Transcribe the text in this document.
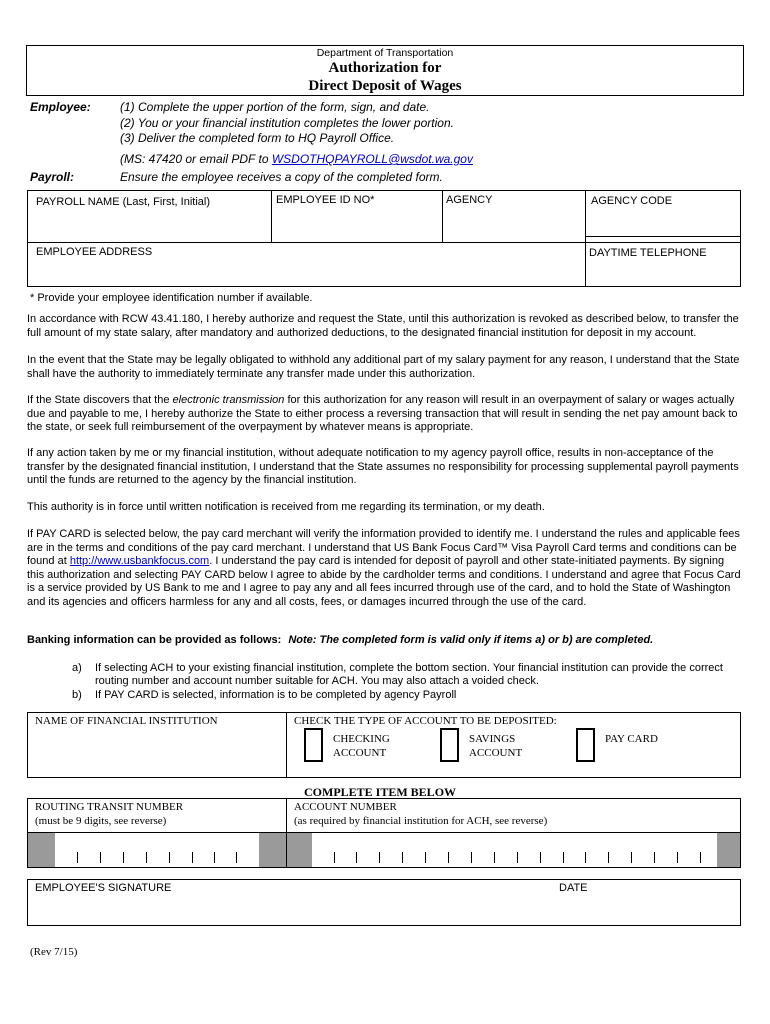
Department of Transportation
Authorization for
Direct Deposit of Wages
Employee: (1) Complete the upper portion of the form, sign, and date.
(2) You or your financial institution completes the lower portion.
(3) Deliver the completed form to HQ Payroll Office.
(MS: 47420 or email PDF to WSDOTHQPAYROLL@wsdot.wa.gov
Payroll:	Ensure the employee receives a copy of the completed form.
PAYROLL NAME (Last, First, Initial)	EMPLOYEE ID NO*	AGENCY	AGENCY CODE
EMPLOYEE ADDRESS	DAYTIME TELEPHONE
* Provide your employee identification number if available.

In accordance with RCW 43.41.180, I hereby authorize and request the State, until this authorization is revoked as described below, to transfer the full amount of my state salary, after mandatory and authorized deductions, to the designated financial institution for deposit in my account.

In the event that the State may be legally obligated to withhold any additional part of my salary payment for any reason, I understand that the State shall have the authority to immediately terminate any transfer made under this authorization.

If the State discovers that the electronic transmission for this authorization for any reason will result in an overpayment of salary or wages actually due and payable to me, I hereby authorize the State to either process a reversing transaction that will result in sending the net pay amount back to the state, or seek full reimbursement of the overpayment by whatever means is appropriate.

If any action taken by me or my financial institution, without adequate notification to my agency payroll office, results in non-acceptance of the transfer by the designated financial institution, I understand that the State assumes no responsibility for processing supplemental payroll payments until the funds are returned to the agency by the financial institution.

This authority is in force until written notification is received from me regarding its termination, or my death.

If PAY CARD is selected below, the pay card merchant will verify the information provided to identify me. I understand the rules and applicable fees are in the terms and conditions of the pay card merchant. I understand that US Bank Focus Card™ Visa Payroll Card terms and conditions can be found at http://www.usbankfocus.com. I understand the pay card is intended for deposit of payroll and other state-initiated payments. By signing this authorization and selecting PAY CARD below I agree to abide by the cardholder terms and conditions. I understand and agree that Focus Card is a service provided by US Bank to me and I agree to pay any and all fees incurred through use of the card, and to hold the State of Washington and its agencies and officers harmless for any and all costs, fees, or damages incurred through the use of the card.

Banking information can be provided as follows: Note: The completed form is valid only if items a) or b) are completed.
a) If selecting ACH to your existing financial institution, complete the bottom section. Your financial institution can provide the correct routing number and account number suitable for ACH. You may also attach a voided check.
b) If PAY CARD is selected, information is to be completed by agency Payroll
NAME OF FINANCIAL INSTITUTION	CHECK THE TYPE OF ACCOUNT TO BE DEPOSITED:
CHECKING
ACCOUNT
SAVINGS
ACCOUNT
PAY CARD
COMPLETE ITEM BELOW
ROUTING TRANSIT NUMBER
(must be 9 digits, see reverse)
ACCOUNT NUMBER
(as required by financial institution for ACH, see reverse)
EMPLOYEE'S SIGNATURE	DATE
(Rev 7/15)
